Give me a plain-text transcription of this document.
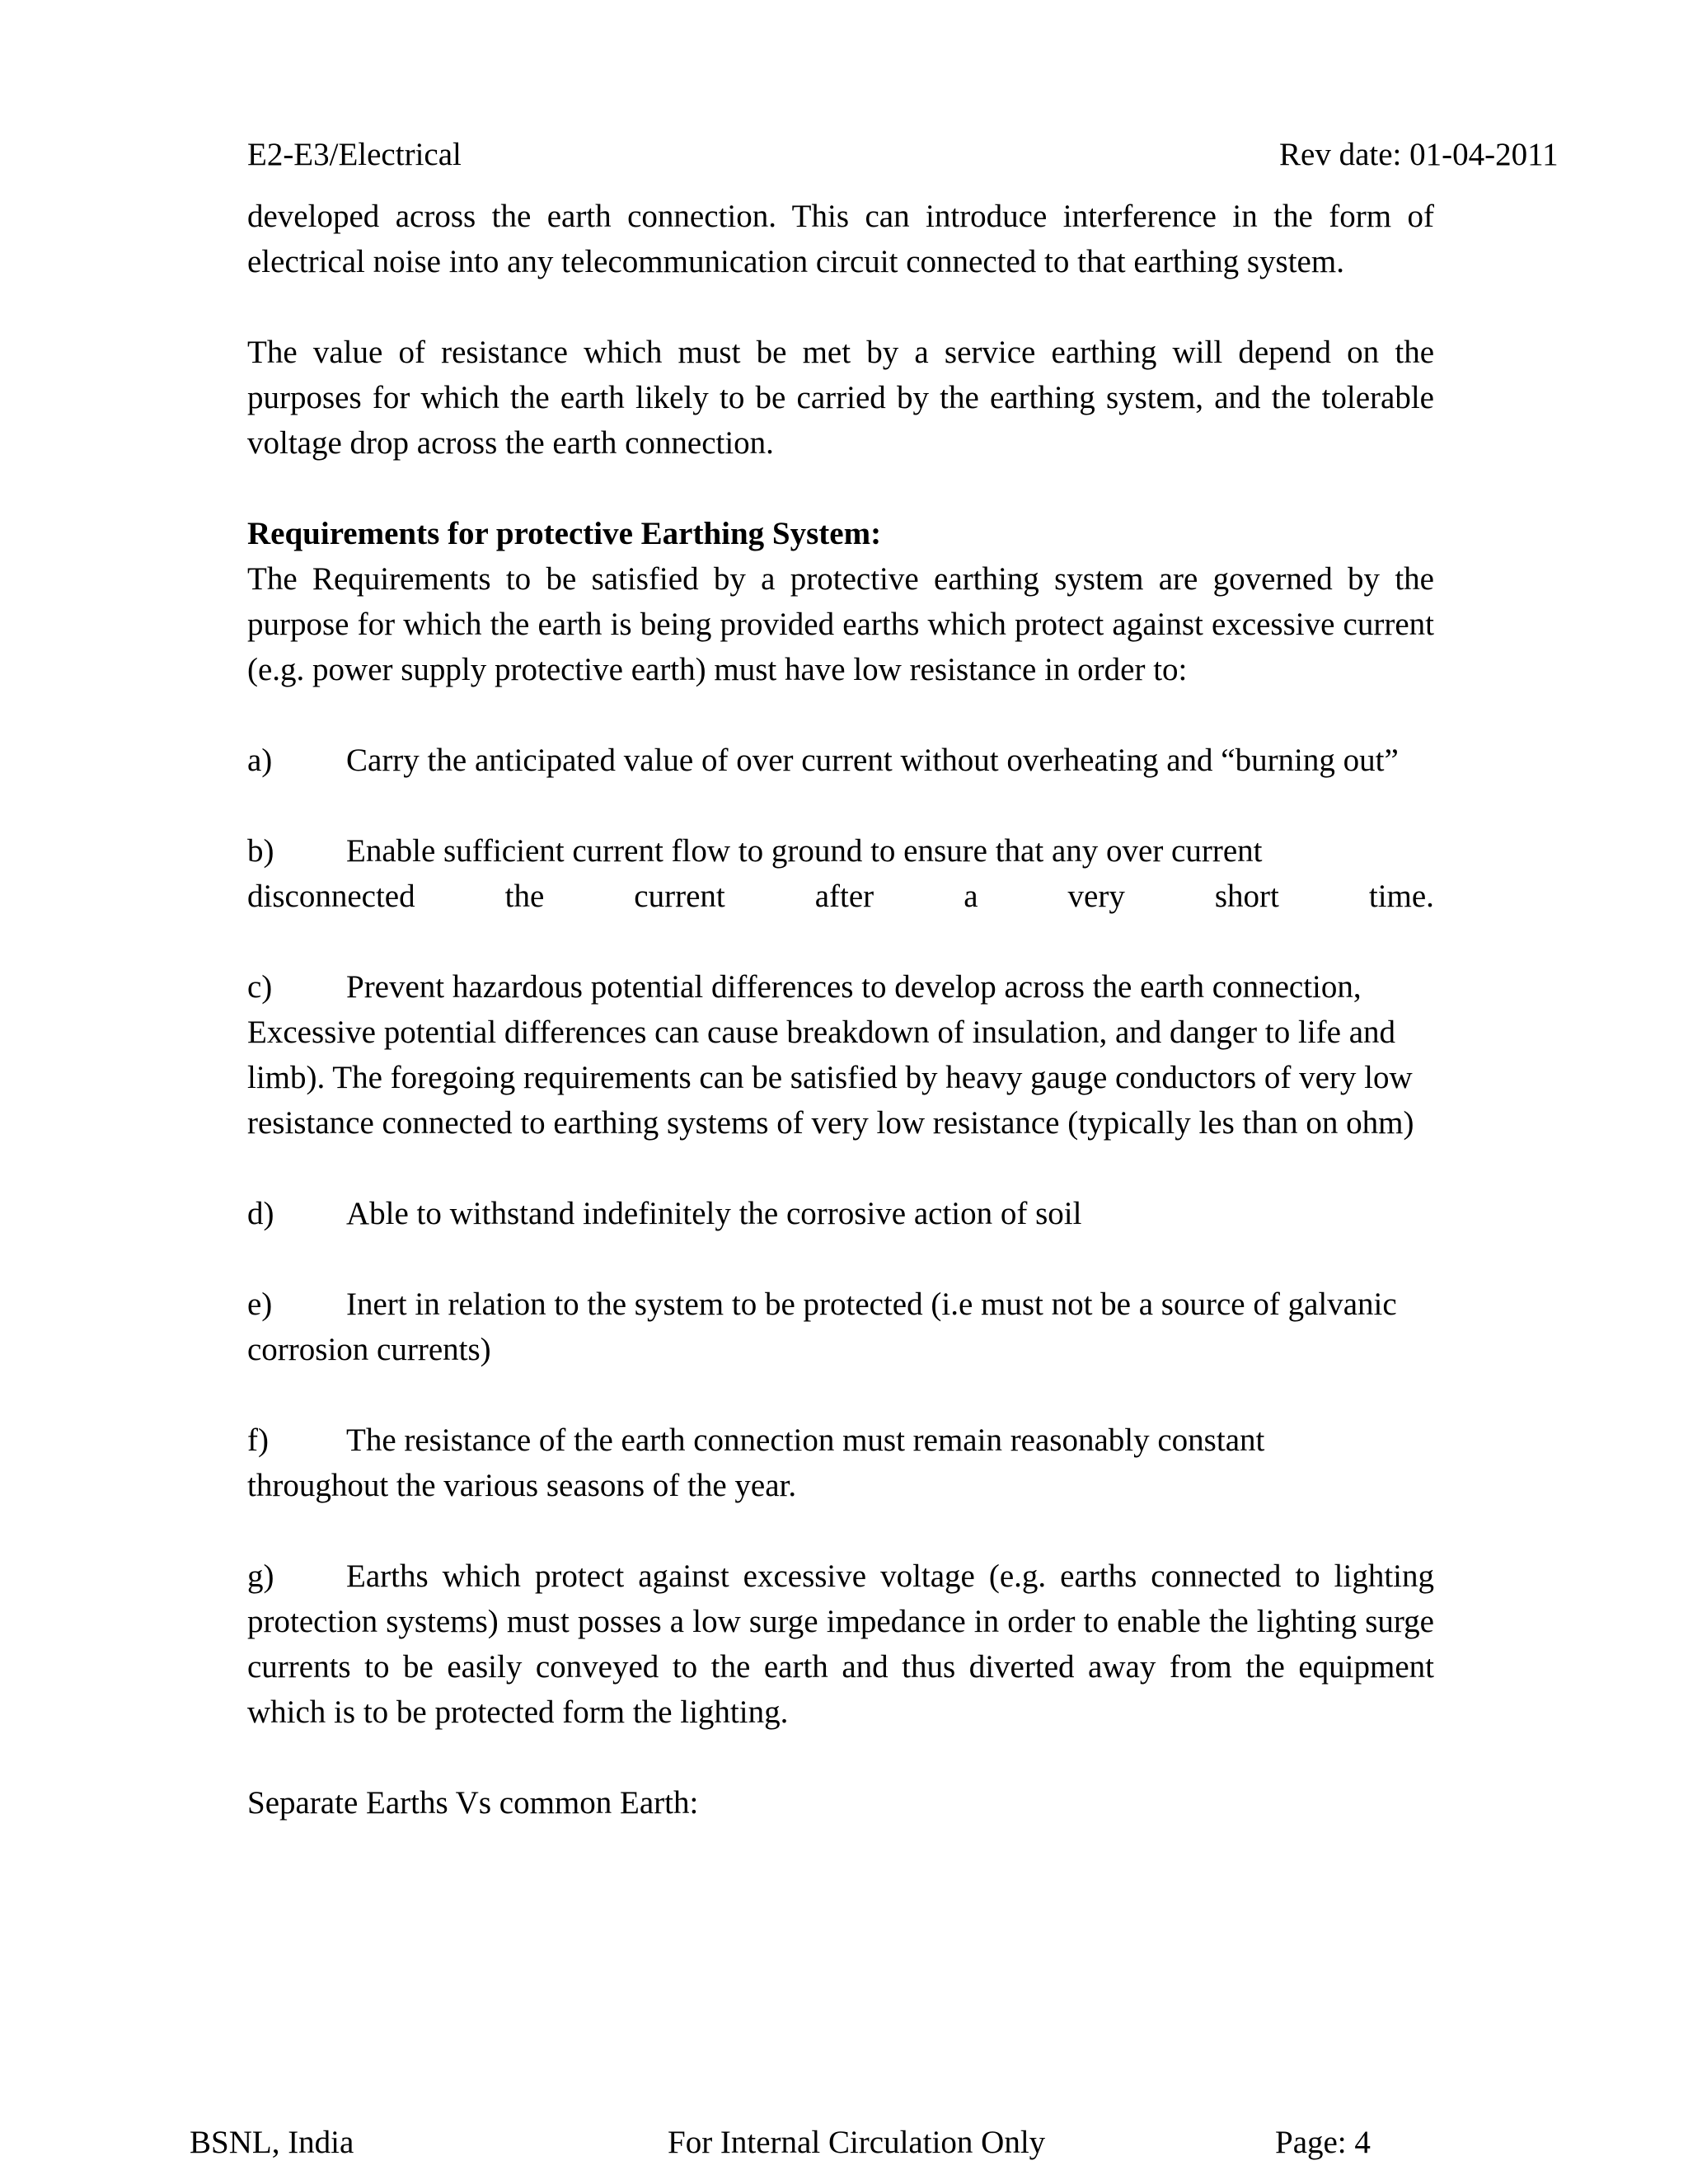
E2-E3/Electrical	Rev date: 01-04-2011

developed across the earth connection. This can introduce interference in the form of electrical noise into any telecommunication circuit connected to that earthing system.

The value of resistance which must be met by a service earthing will depend on the purposes for which the earth likely to be carried by the earthing system, and the tolerable voltage drop across the earth connection.

Requirements for protective Earthing System:

The Requirements to be satisfied by a protective earthing system are governed by the purpose for which the earth is being provided earths which protect against excessive current (e.g. power supply protective earth) must have low resistance in order to:

a) Carry the anticipated value of over current without overheating and “burning out”

b) Enable sufficient current flow to ground to ensure that any over current

disconnected	the	current	after	a	very	short	time.

c) Prevent hazardous potential differences to develop across the earth connection, Excessive potential differences can cause breakdown of insulation, and danger to life and limb). The foregoing requirements can be satisfied by heavy gauge conductors of very low resistance connected to earthing systems of very low resistance (typically les than on ohm)

d) Able to withstand indefinitely the corrosive action of soil

e) Inert in relation to the system to be protected (i.e must not be a source of galvanic corrosion currents)

f) The resistance of the earth connection must remain reasonably constant throughout the various seasons of the year.

g) Earths which protect against excessive voltage (e.g. earths connected to lighting protection systems) must posses a low surge impedance in order to enable the lighting surge currents to be easily conveyed to the earth and thus diverted away from the equipment which is to be protected form the lighting.

Separate Earths Vs common Earth:

BSNL, India	For Internal Circulation Only	Page: 4
